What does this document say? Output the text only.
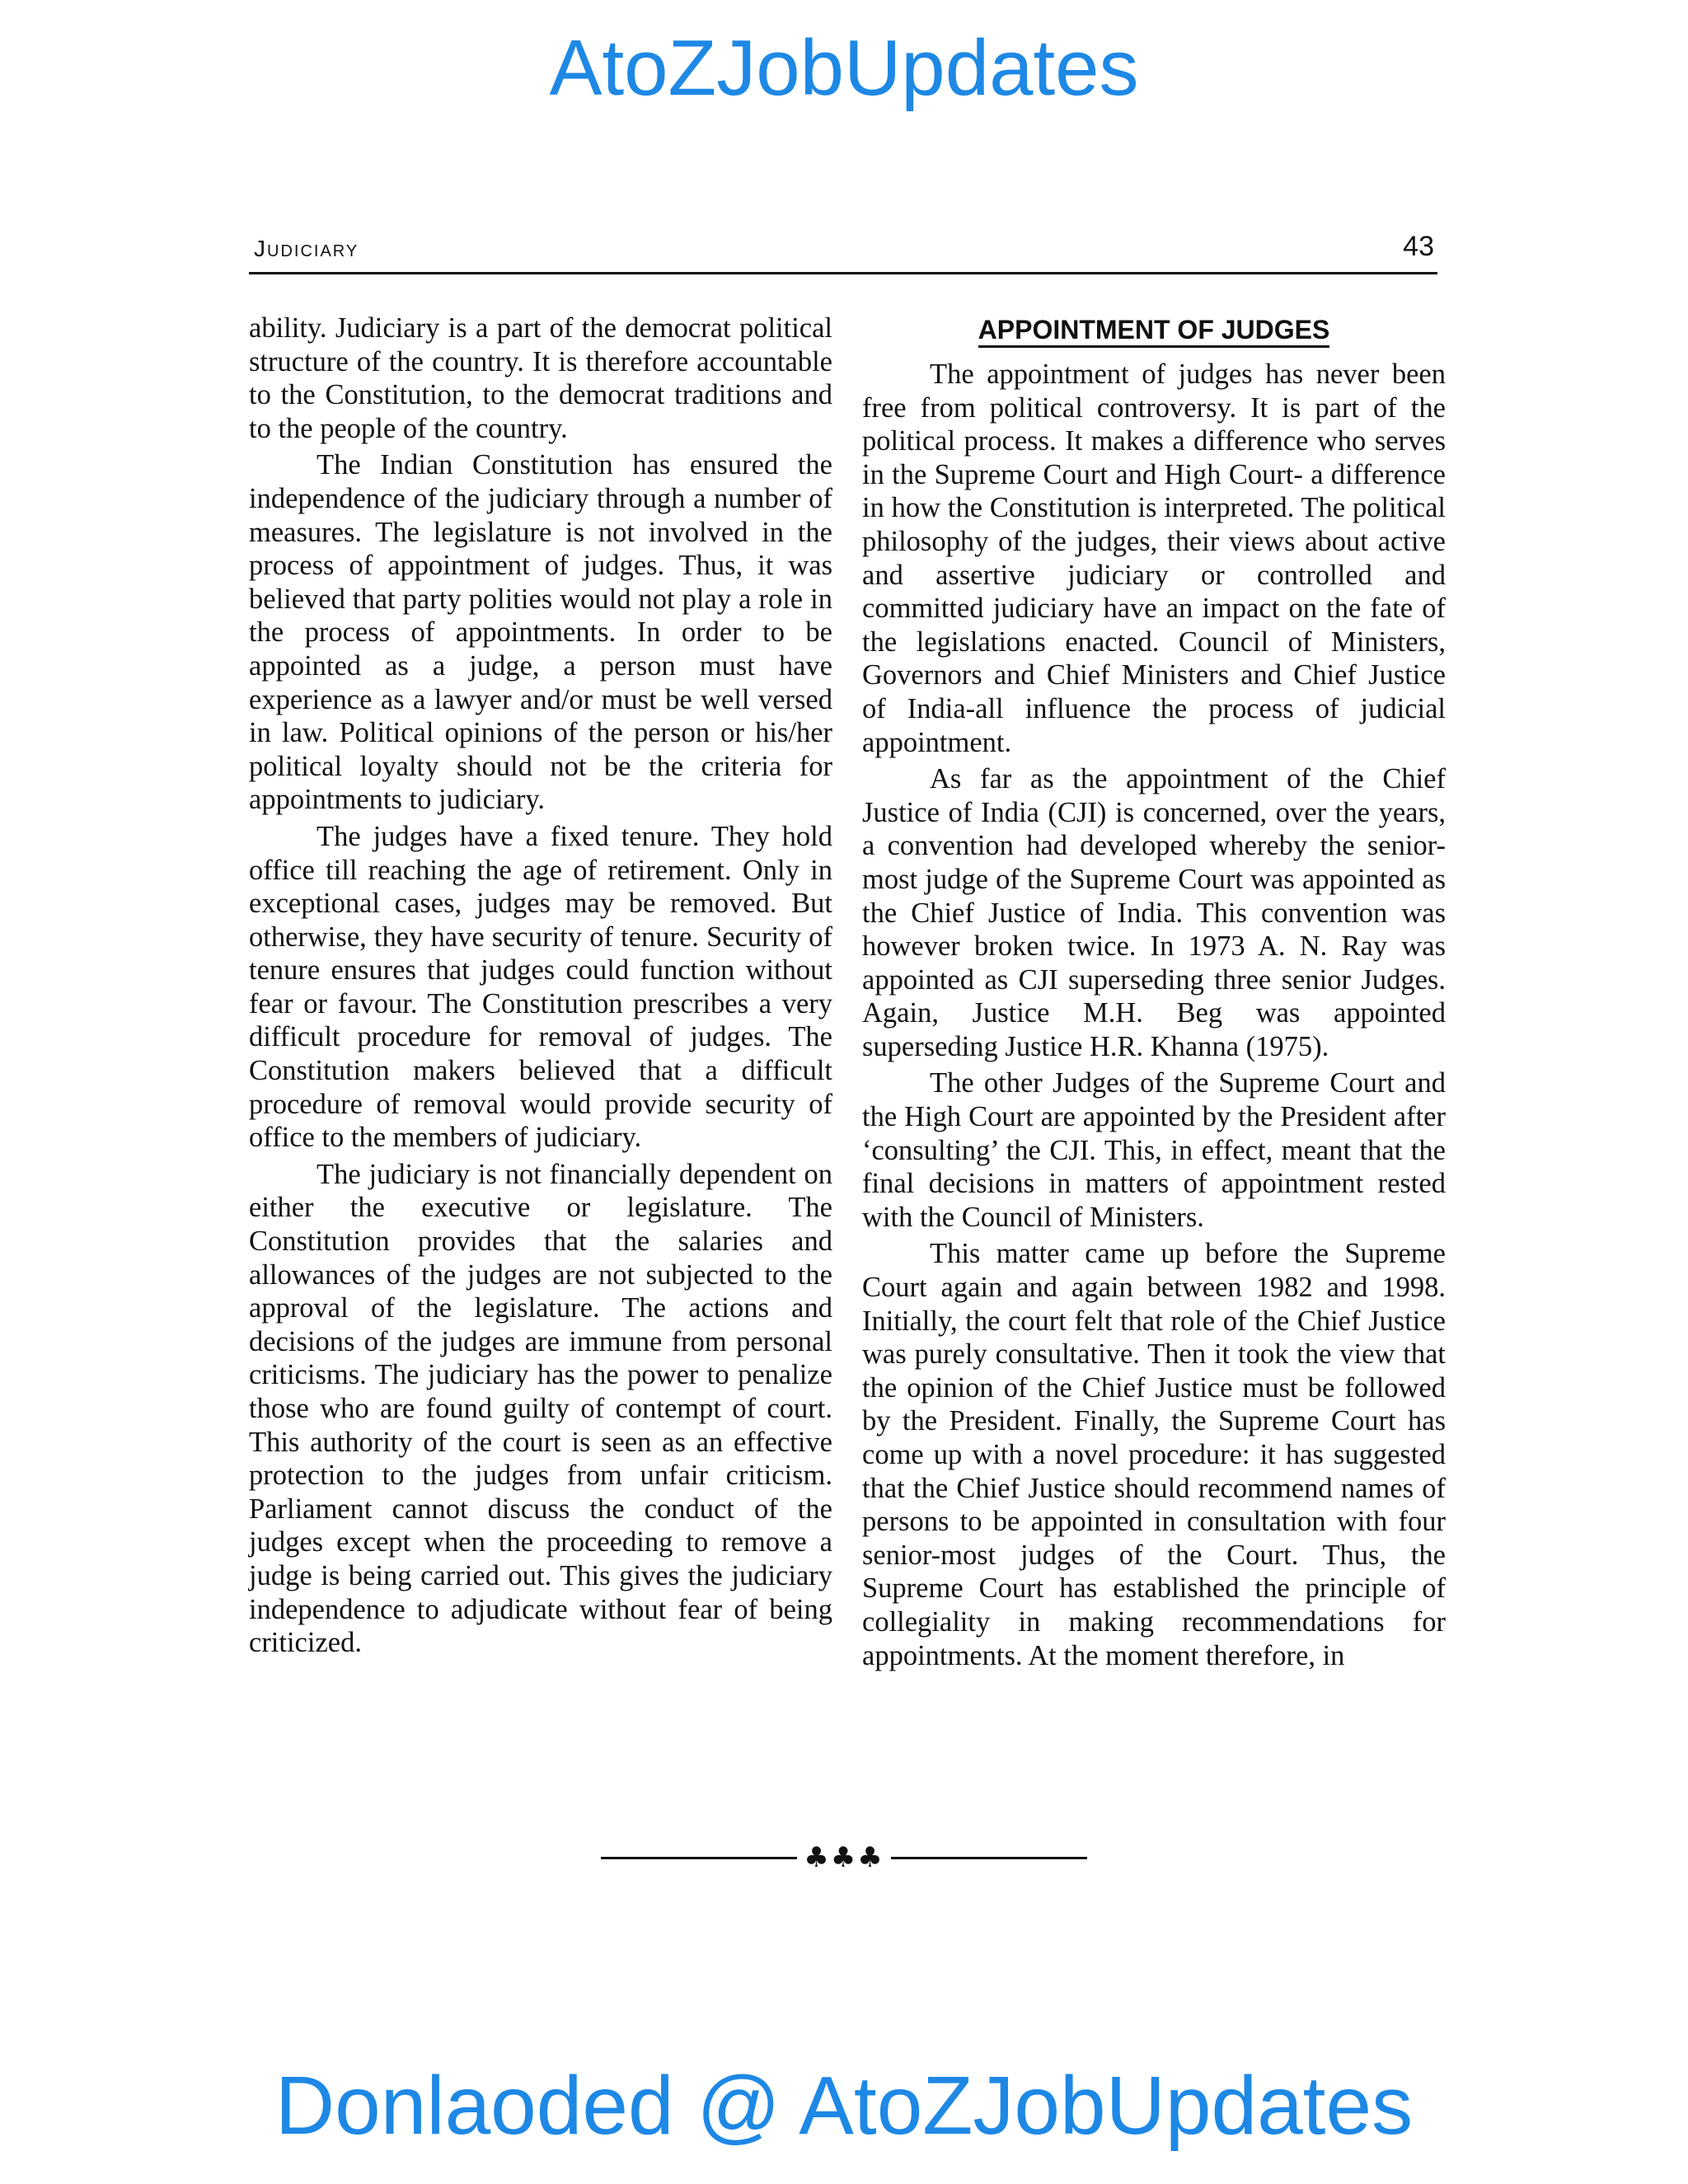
AtoZJobUpdates
Judiciary	43

ability. Judiciary is a part of the democrat political structure of the country. It is therefore accountable to the Constitution, to the democrat traditions and to the people of the country.

The Indian Constitution has ensured the independence of the judiciary through a number of measures. The legislature is not involved in the process of appointment of judges. Thus, it was believed that party polities would not play a role in the process of appointments. In order to be appointed as a judge, a person must have experience as a lawyer and/or must be well versed in law. Political opinions of the person or his/her political loyalty should not be the criteria for appointments to judiciary.

The judges have a fixed tenure. They hold office till reaching the age of retirement. Only in exceptional cases, judges may be removed. But otherwise, they have security of tenure. Security of tenure ensures that judges could function without fear or favour. The Constitution prescribes a very difficult procedure for removal of judges. The Constitution makers believed that a difficult procedure of removal would provide security of office to the members of judiciary.

The judiciary is not financially dependent on either the executive or legislature. The Constitution provides that the salaries and allowances of the judges are not subjected to the approval of the legislature. The actions and decisions of the judges are immune from personal criticisms. The judiciary has the power to penalize those who are found guilty of contempt of court. This authority of the court is seen as an effective protection to the judges from unfair criticism. Parliament cannot discuss the conduct of the judges except when the proceeding to remove a judge is being carried out. This gives the judiciary independence to adjudicate without fear of being criticized.

APPOINTMENT OF JUDGES

The appointment of judges has never been free from political controversy. It is part of the political process. It makes a difference who serves in the Supreme Court and High Court- a difference in how the Constitution is interpreted. The political philosophy of the judges, their views about active and assertive judiciary or controlled and committed judiciary have an impact on the fate of the legislations enacted. Council of Ministers, Governors and Chief Ministers and Chief Justice of India-all influence the process of judicial appointment.

As far as the appointment of the Chief Justice of India (CJI) is concerned, over the years, a convention had developed whereby the senior-most judge of the Supreme Court was appointed as the Chief Justice of India. This convention was however broken twice. In 1973 A. N. Ray was appointed as CJI superseding three senior Judges. Again, Justice M.H. Beg was appointed superseding Justice H.R. Khanna (1975).

The other Judges of the Supreme Court and the High Court are appointed by the President after ‘consulting’ the CJI. This, in effect, meant that the final decisions in matters of appointment rested with the Council of Ministers.

This matter came up before the Supreme Court again and again between 1982 and 1998. Initially, the court felt that role of the Chief Justice was purely consultative. Then it took the view that the opinion of the Chief Justice must be followed by the President. Finally, the Supreme Court has come up with a novel procedure: it has suggested that the Chief Justice should recommend names of persons to be appointed in consultation with four senior-most judges of the Court. Thus, the Supreme Court has established the principle of collegiality in making recommendations for appointments. At the moment therefore, in

♣♣♣
Donlaoded @ AtoZJobUpdates
